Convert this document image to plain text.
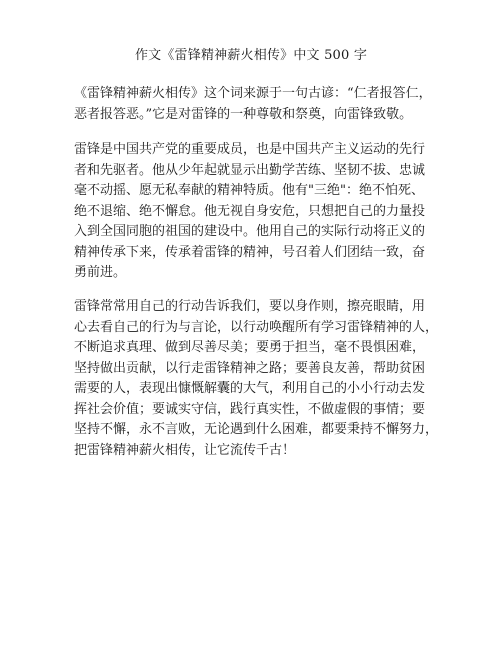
作文《雷锋精神薪火相传》中文 500 字
《雷锋精神薪火相传》这个词来源于一句古谚：“仁者报答仁，
恶者报答恶。”它是对雷锋的一种尊敬和祭奠，向雷锋致敬。
雷锋是中国共产党的重要成员，也是中国共产主义运动的先行
者和先驱者。他从少年起就显示出勤学苦练、坚韧不拔、忠诚
毫不动摇、愿无私奉献的精神特质。他有"三绝"：绝不怕死、
绝不退缩、绝不懈怠。他无视自身安危，只想把自己的力量投
入到全国同胞的祖国的建设中。他用自己的实际行动将正义的
精神传承下来，传承着雷锋的精神，号召着人们团结一致，奋
勇前进。
雷锋常常用自己的行动告诉我们，要以身作则，擦亮眼睛，用
心去看自己的行为与言论，以行动唤醒所有学习雷锋精神的人，
不断追求真理、做到尽善尽美；要勇于担当，毫不畏惧困难，
坚持做出贡献，以行走雷锋精神之路；要善良友善，帮助贫困
需要的人，表现出慷慨解囊的大气，利用自己的小小行动去发
挥社会价值；要诚实守信，践行真实性，不做虚假的事情；要
坚持不懈，永不言败，无论遇到什么困难，都要秉持不懈努力，
把雷锋精神薪火相传，让它流传千古！
